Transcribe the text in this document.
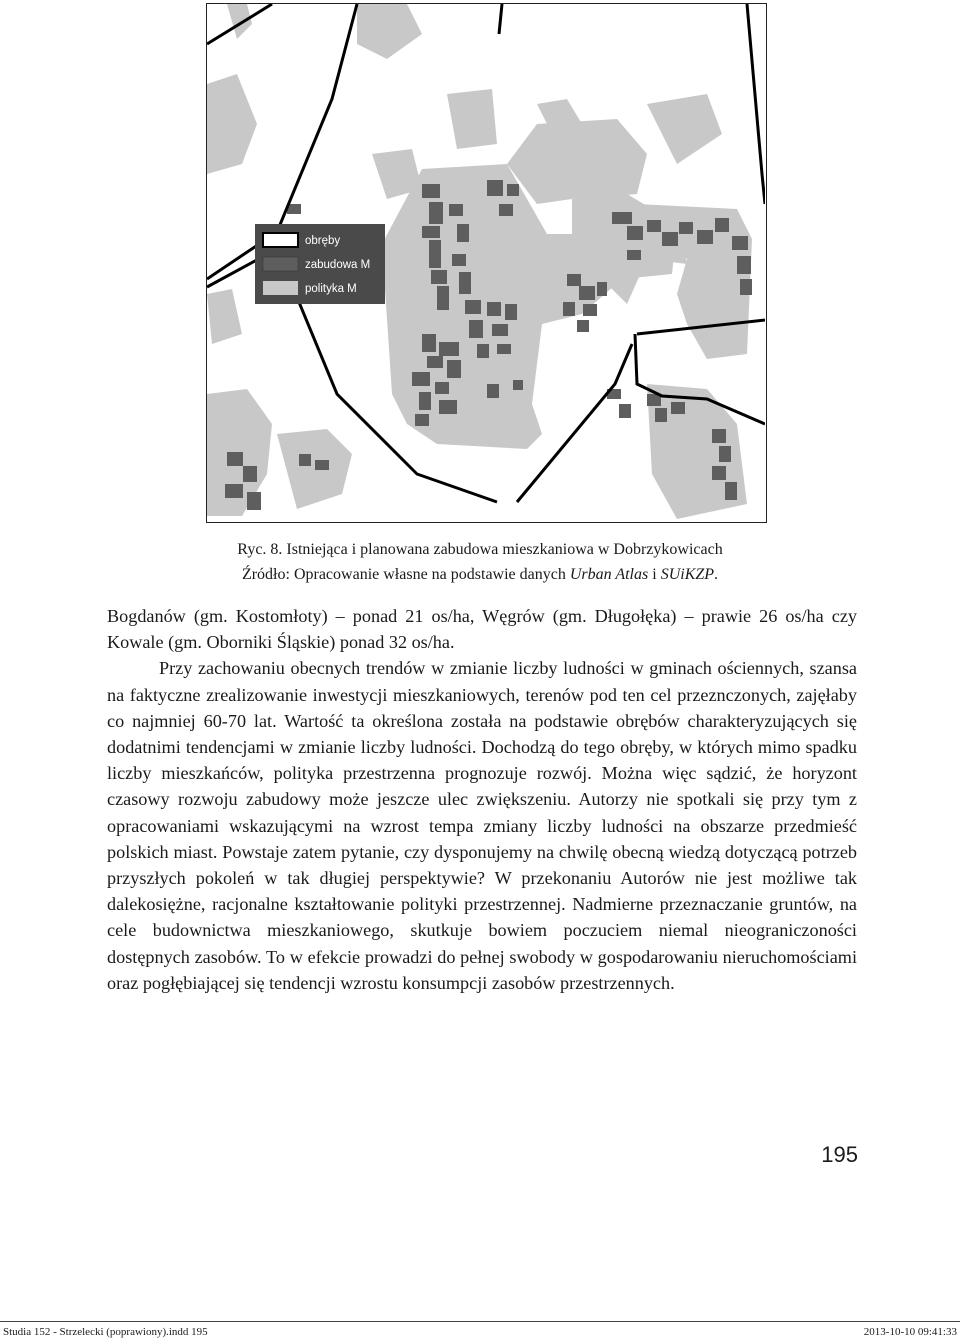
obręby
zabudowa M
polityka M
Ryc. 8. Istniejąca i planowana zabudowa mieszkaniowa w Dobrzykowicach
Źródło: Opracowanie własne na podstawie danych Urban Atlas i SUiKZP.

Bogdanów (gm. Kostomłoty) – ponad 21 os/ha, Węgrów (gm. Długołęka) – prawie 26 os/ha czy Kowale (gm. Oborniki Śląskie) ponad 32 os/ha.

Przy zachowaniu obecnych trendów w zmianie liczby ludności w gminach ościennych, szansa na faktyczne zrealizowanie inwestycji mieszkaniowych, terenów pod ten cel przeznczonych, zajęłaby co najmniej 60-70 lat. Wartość ta określona została na podstawie obrębów charakteryzujących się dodatnimi tendencjami w zmianie liczby ludności. Dochodzą do tego obręby, w których mimo spadku liczby mieszkańców, polityka przestrzenna prognozuje rozwój. Można więc sądzić, że horyzont czasowy rozwoju zabudowy może jeszcze ulec zwiększeniu. Autorzy nie spotkali się przy tym z opracowaniami wskazującymi na wzrost tempa zmiany liczby ludności na obszarze przedmieść polskich miast. Powstaje zatem pytanie, czy dysponujemy na chwilę obecną wiedzą dotyczącą potrzeb przyszłych pokoleń w tak długiej perspektywie? W przekonaniu Autorów nie jest możliwe tak dalekosiężne, racjonalne kształtowanie polityki przestrzennej. Nadmierne przeznaczanie gruntów, na cele budownictwa mieszkaniowego, skutkuje bowiem poczuciem niemal nieograniczoności dostępnych zasobów. To w efekcie prowadzi do pełnej swobody w gospodarowaniu nieruchomościami oraz pogłębiającej się tendencji wzrostu konsumpcji zasobów przestrzennych.

195
Studia 152 - Strzelecki (poprawiony).indd 195	2013-10-10 09:41:33
